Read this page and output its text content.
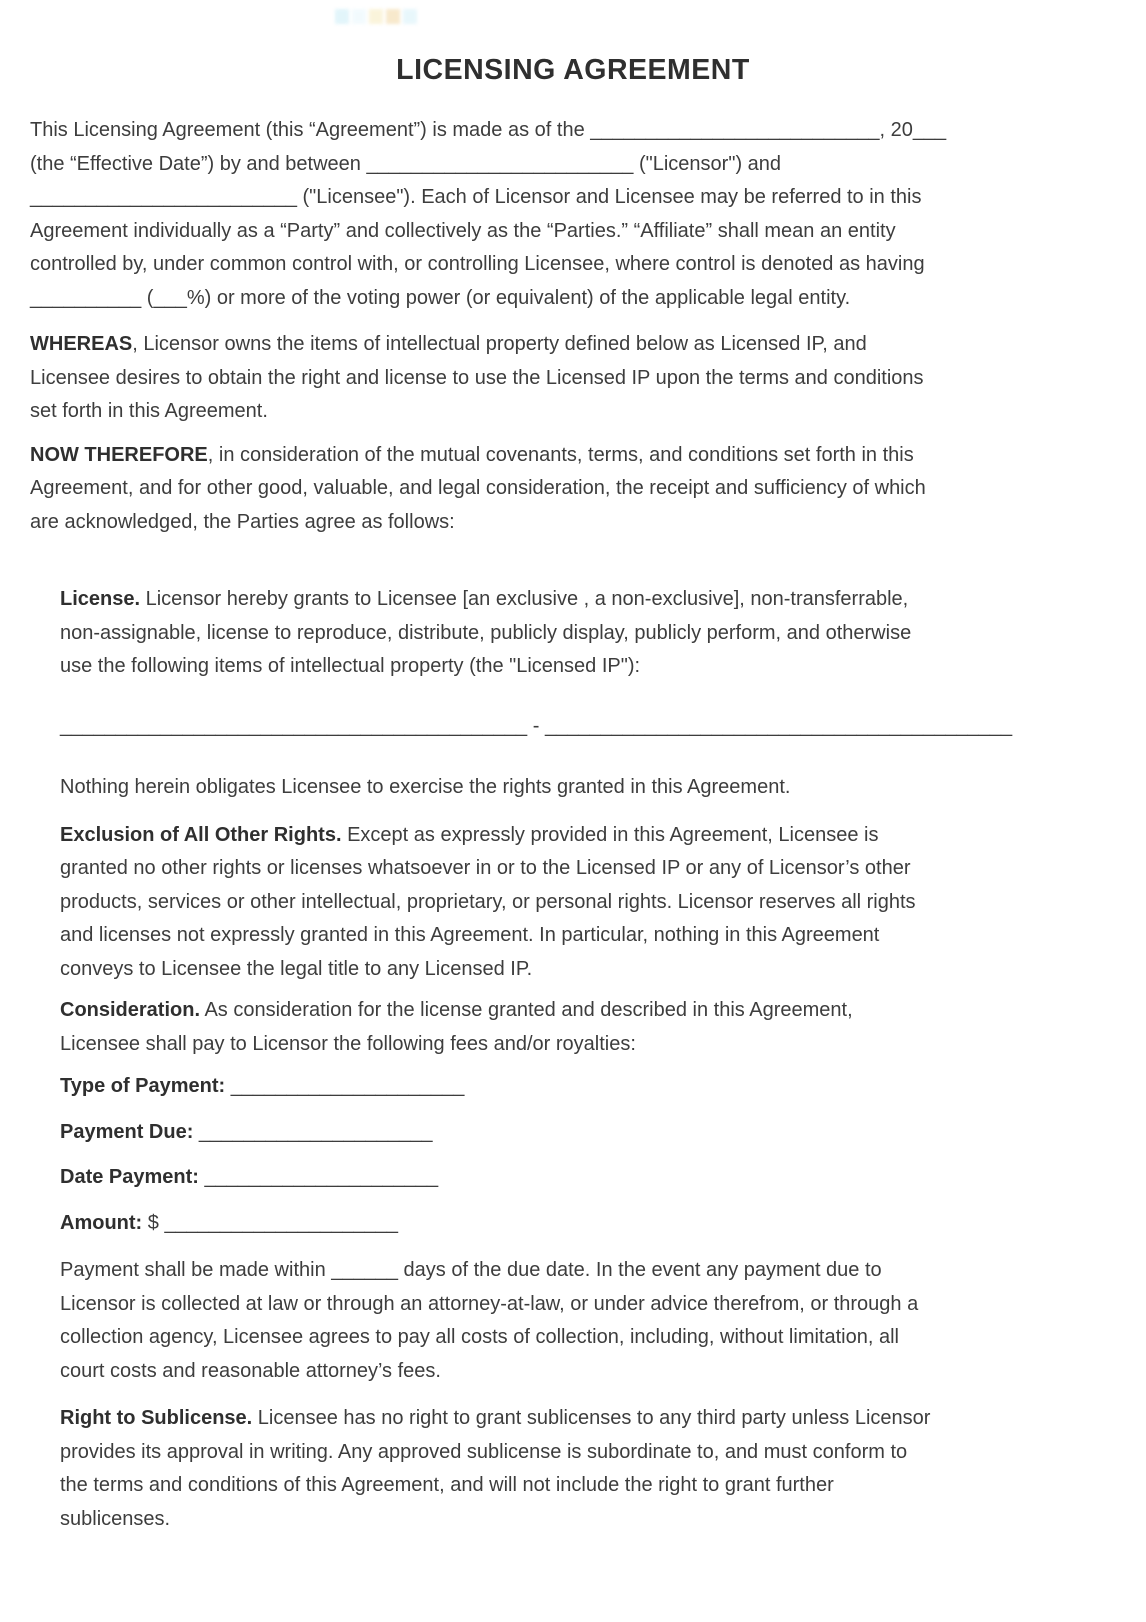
LICENSING AGREEMENT
This Licensing Agreement (this “Agreement”) is made as of the __________________________, 20___
(the “Effective Date”) by and between ________________________ ("Licensor") and
________________________ ("Licensee"). Each of Licensor and Licensee may be referred to in this
Agreement individually as a “Party” and collectively as the “Parties.” “Affiliate” shall mean an entity
controlled by, under common control with, or controlling Licensee, where control is denoted as having
__________ (___%) or more of the voting power (or equivalent) of the applicable legal entity.
WHEREAS, Licensor owns the items of intellectual property defined below as Licensed IP, and
Licensee desires to obtain the right and license to use the Licensed IP upon the terms and conditions
set forth in this Agreement.
NOW THEREFORE, in consideration of the mutual covenants, terms, and conditions set forth in this
Agreement, and for other good, valuable, and legal consideration, the receipt and sufficiency of which
are acknowledged, the Parties agree as follows:
License. Licensor hereby grants to Licensee [an exclusive , a non-exclusive], non-transferrable,
non-assignable, license to reproduce, distribute, publicly display, publicly perform, and otherwise
use the following items of intellectual property (the "Licensed IP"):
__________________________________________ - __________________________________________
Nothing herein obligates Licensee to exercise the rights granted in this Agreement.
Exclusion of All Other Rights. Except as expressly provided in this Agreement, Licensee is
granted no other rights or licenses whatsoever in or to the Licensed IP or any of Licensor’s other
products, services or other intellectual, proprietary, or personal rights. Licensor reserves all rights
and licenses not expressly granted in this Agreement. In particular, nothing in this Agreement
conveys to Licensee the legal title to any Licensed IP.
Consideration. As consideration for the license granted and described in this Agreement,
Licensee shall pay to Licensor the following fees and/or royalties:
Type of Payment: _____________________
Payment Due: _____________________
Date Payment: _____________________
Amount: $ _____________________
Payment shall be made within ______ days of the due date. In the event any payment due to
Licensor is collected at law or through an attorney-at-law, or under advice therefrom, or through a
collection agency, Licensee agrees to pay all costs of collection, including, without limitation, all
court costs and reasonable attorney’s fees.
Right to Sublicense. Licensee has no right to grant sublicenses to any third party unless Licensor
provides its approval in writing. Any approved sublicense is subordinate to, and must conform to
the terms and conditions of this Agreement, and will not include the right to grant further
sublicenses.
